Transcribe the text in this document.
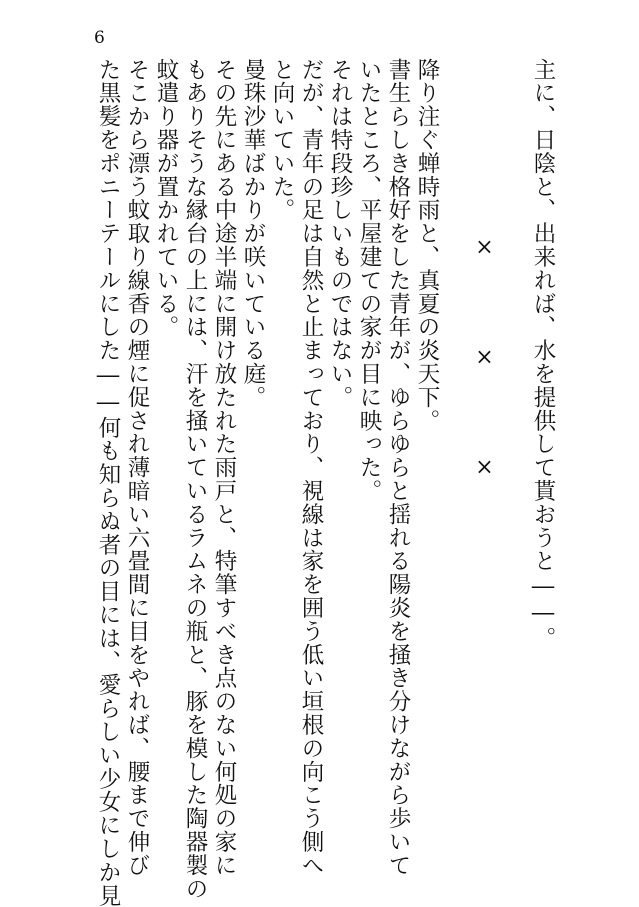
6
主に、日陰と、出来れば、水を提供して貰おうと――。
×××
降り注ぐ蝉時雨と、真夏の炎天下。
書生らしき格好をした青年が、ゆらゆらと揺れる陽炎を掻き分けながら歩いて
いたところ、平屋建ての家が目に映った。
それは特段珍しいものではない。
だが、青年の足は自然と止まっており、視線は家を囲う低い垣根の向こう側へ
と向いていた。
曼珠沙華ばかりが咲いている庭。
その先にある中途半端に開け放たれた雨戸と、特筆すべき点のない何処の家に
もありそうな縁台の上には、汗を掻いているラムネの瓶と、豚を模した陶器製の
蚊遣り器が置かれている。
そこから漂う蚊取り線香の煙に促され薄暗い六畳間に目をやれば、腰まで伸び
た黒髪をポニーテールにした――何も知らぬ者の目には、愛らしい少女にしか見
